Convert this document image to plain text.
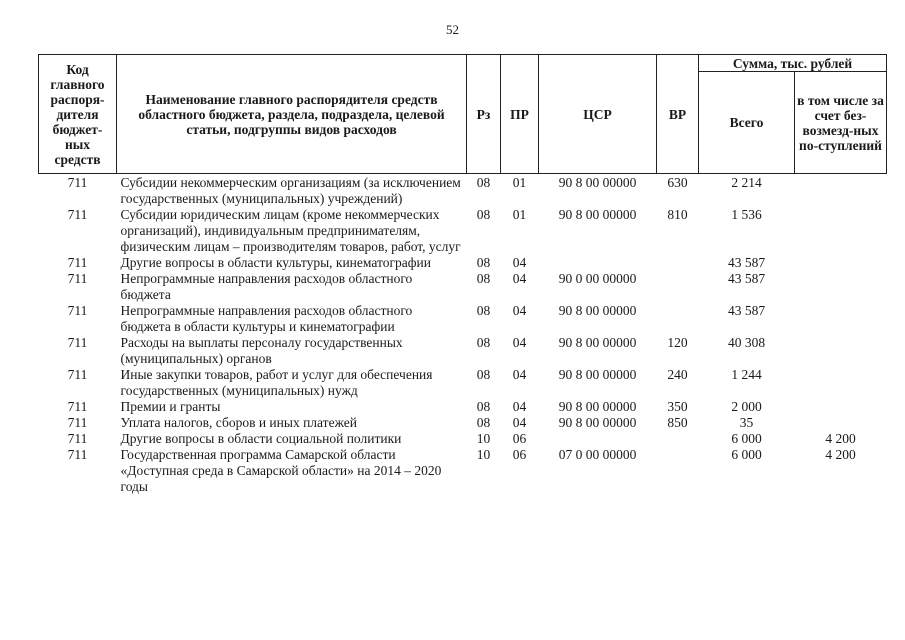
52
Код главного распоря-дителя бюджет-ных средств	Наименование главного распорядителя средств областного бюджета, раздела, подраздела, целевой статьи, подгруппы видов расходов	Рз	ПР	ЦСР	ВР	Сумма, тыс. рублей	
						Всего	в том числе за счет без-возмезд-ных по-ступлений
711	Субсидии некоммерческим организациям (за исключением государственных (муниципальных) учреждений)	08	01	90 8 00 00000	630	2 214	
711	Субсидии юридическим лицам (кроме некоммерческих организаций), индивидуальным предпринимателям, физическим лицам – производителям товаров, работ, услуг	08	01	90 8 00 00000	810	1 536	
711	Другие вопросы в области культуры, кинематографии	08	04			43 587	
711	Непрограммные направления расходов областного бюджета	08	04	90 0 00 00000		43 587	
711	Непрограммные направления расходов областного бюджета в области культуры и кинематографии	08	04	90 8 00 00000		43 587	
711	Расходы на выплаты персоналу государственных (муниципальных) органов	08	04	90 8 00 00000	120	40 308	
711	Иные закупки товаров, работ и услуг для обеспечения государственных (муниципальных) нужд	08	04	90 8 00 00000	240	1 244	
711	Премии и гранты	08	04	90 8 00 00000	350	2 000	
711	Уплата налогов, сборов и иных платежей	08	04	90 8 00 00000	850	35	
711	Другие вопросы в области социальной политики	10	06			6 000	4 200
711	Государственная программа Самарской области «Доступная среда в Самарской области» на 2014 – 2020 годы	10	06	07 0 00 00000		6 000	4 200
